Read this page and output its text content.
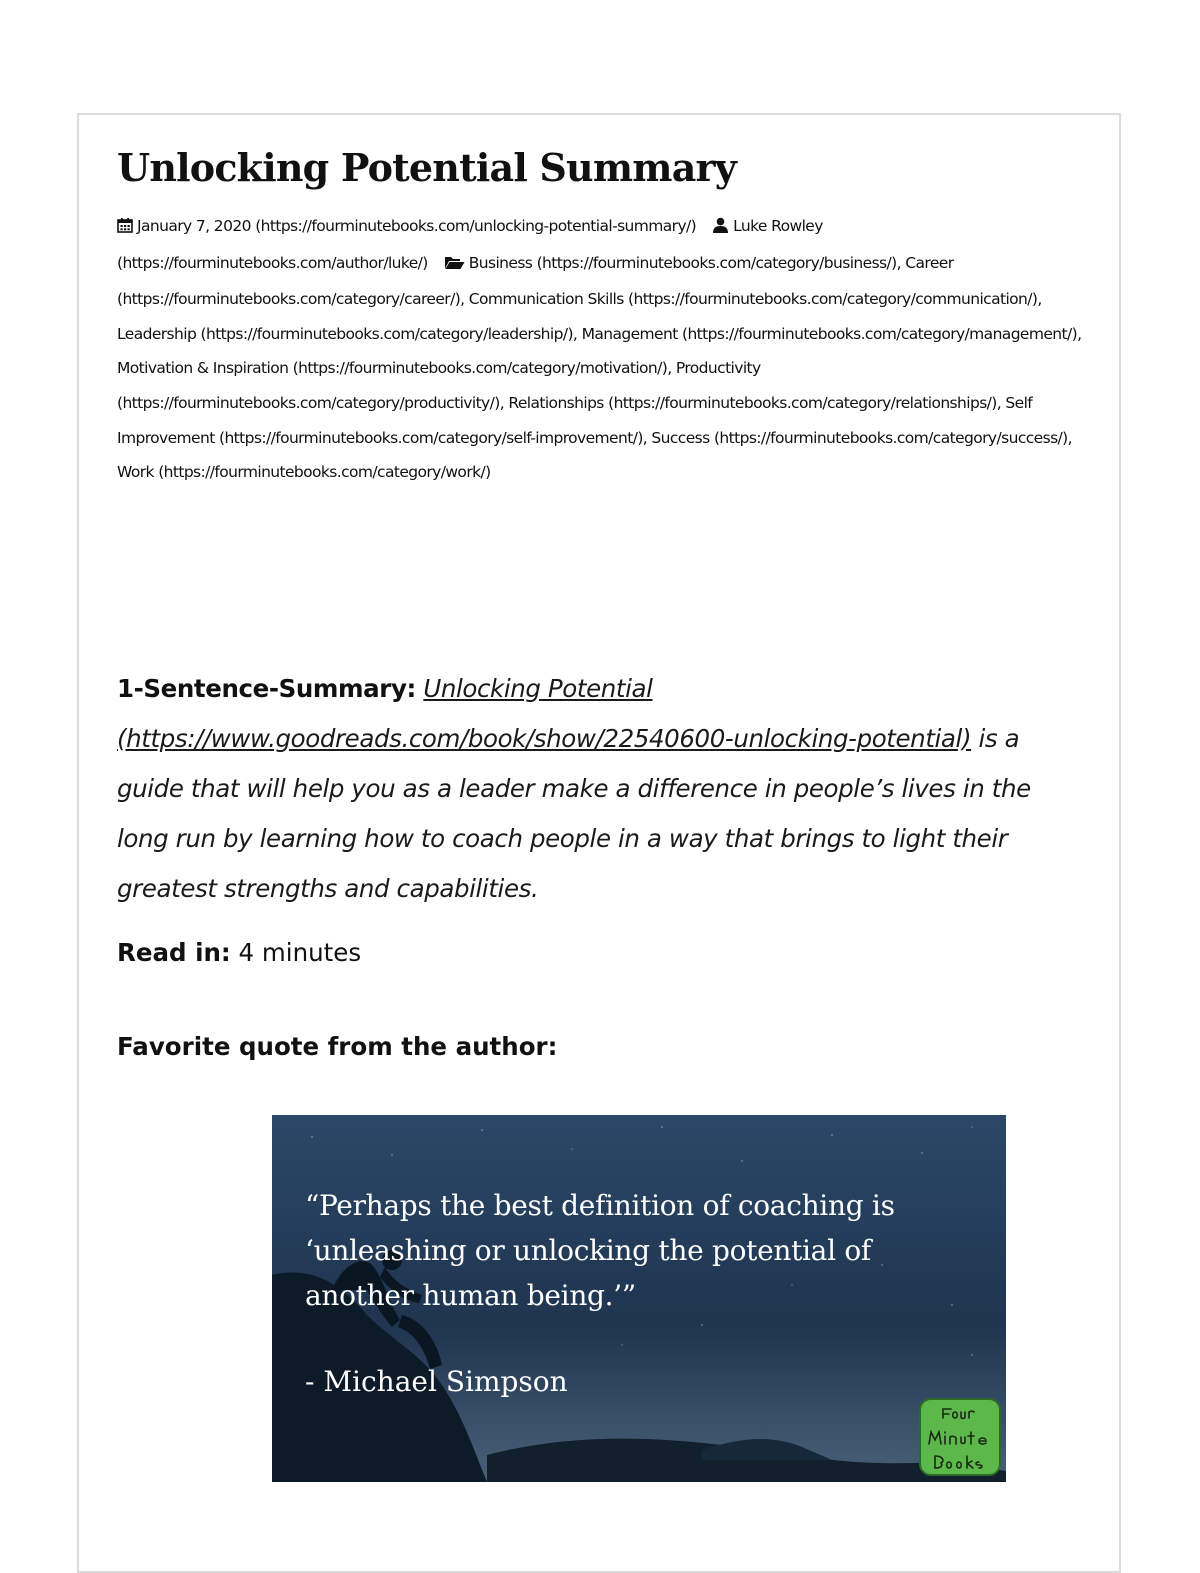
Unlocking Potential Summary
January 7, 2020 (https://fourminutebooks.com/unlocking-potential-summary/) Luke Rowley (https://fourminutebooks.com/author/luke/)	Business (https://fourminutebooks.com/category/business/), Career (https://fourminutebooks.com/category/career/), Communication Skills (https://fourminutebooks.com/category/communication/), Leadership (https://fourminutebooks.com/category/leadership/), Management (https://fourminutebooks.com/category/management/), Motivation & Inspiration (https://fourminutebooks.com/category/motivation/), Productivity (https://fourminutebooks.com/category/productivity/), Relationships (https://fourminutebooks.com/category/relationships/), Self Improvement (https://fourminutebooks.com/category/self-improvement/), Success (https://fourminutebooks.com/category/success/), Work (https://fourminutebooks.com/category/work/)

1-Sentence-Summary: Unlocking Potential (https://www.goodreads.com/book/show/22540600-unlocking-potential) is a guide that will help you as a leader make a difference in people’s lives in the long run by learning how to coach people in a way that brings to light their greatest strengths and capabilities.

Read in: 4 minutes
Favorite quote from the author:
“Perhaps the best definition of coaching is ‘unleashing or unlocking the potential of another human being.’”
- Michael Simpson
